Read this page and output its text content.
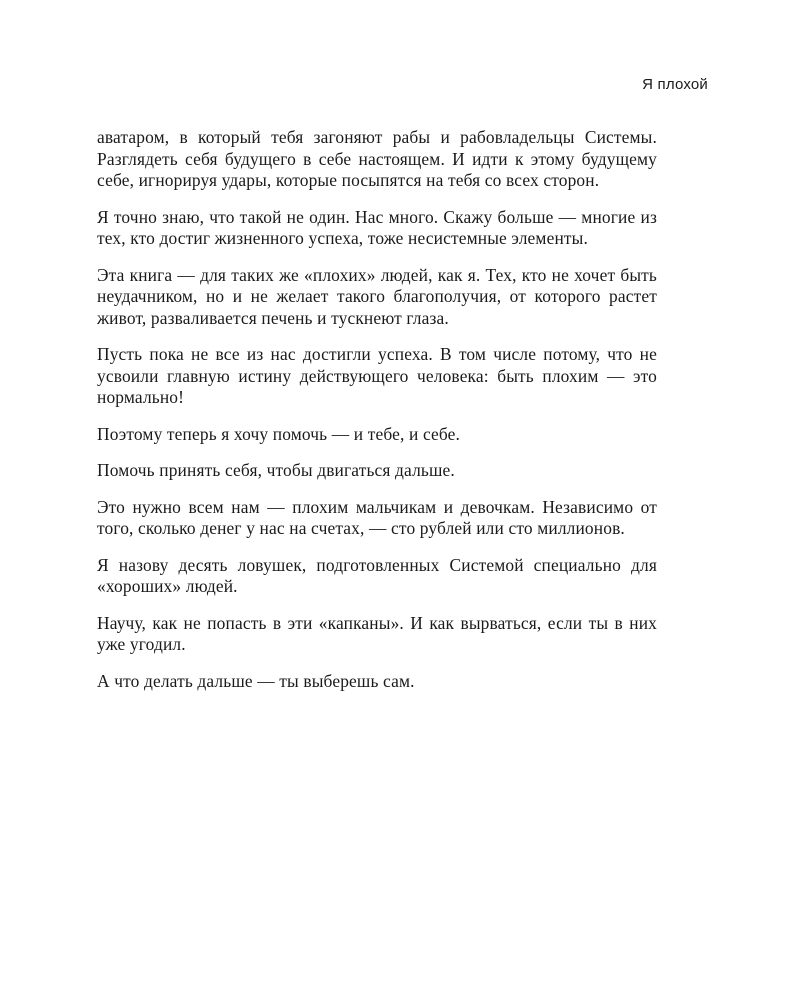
Я плохой

аватаром, в который тебя загоняют рабы и рабовладельцы Системы. Разглядеть себя будущего в себе настоящем. И идти к этому будущему себе, игнорируя удары, которые посыпятся на тебя со всех сторон.

Я точно знаю, что такой не один. Нас много. Скажу больше — многие из тех, кто достиг жизненного успеха, тоже несистемные элементы.

Эта книга — для таких же «плохих» людей, как я. Тех, кто не хочет быть неудачником, но и не желает такого благополучия, от которого растет живот, разваливается печень и тускнеют глаза.

Пусть пока не все из нас достигли успеха. В том числе потому, что не усвоили главную истину действующего человека: быть плохим — это нормально!

Поэтому теперь я хочу помочь — и тебе, и себе.

Помочь принять себя, чтобы двигаться дальше.

Это нужно всем нам — плохим мальчикам и девочкам. Независимо от того, сколько денег у нас на счетах, — сто рублей или сто миллионов.

Я назову десять ловушек, подготовленных Системой специально для «хороших» людей.

Научу, как не попасть в эти «капканы». И как вырваться, если ты в них уже угодил.

А что делать дальше — ты выберешь сам.
